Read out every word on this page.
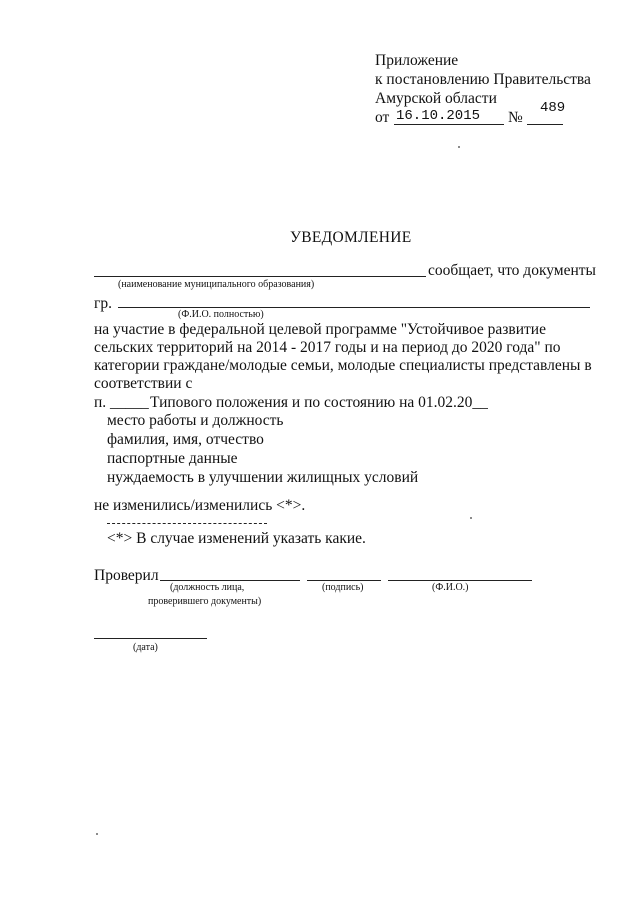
Приложение
к постановлению Правительства
Амурской области
от 16.10.2015 №
489
УВЕДОМЛЕНИЕ
сообщает, что документы
(наименование муниципального образования)
гр.
(Ф.И.О. полностью)
на участие в федеральной целевой программе "Устойчивое развитие
сельских территорий на 2014 - 2017 годы и на период до 2020 года" по
категории граждане/молодые семьи, молодые специалисты представлены в
соответствии с
п. _____ Типового положения и по состоянию на 01.02.20__
место работы и должность
фамилия, имя, отчество
паспортные данные
нуждаемость в улучшении жилищных условий
не изменились/изменились <*>.
<*> В случае изменений указать какие.
Проверил
(должность лица,
проверившего документы)
(подпись)	(Ф.И.О.)
(дата)
